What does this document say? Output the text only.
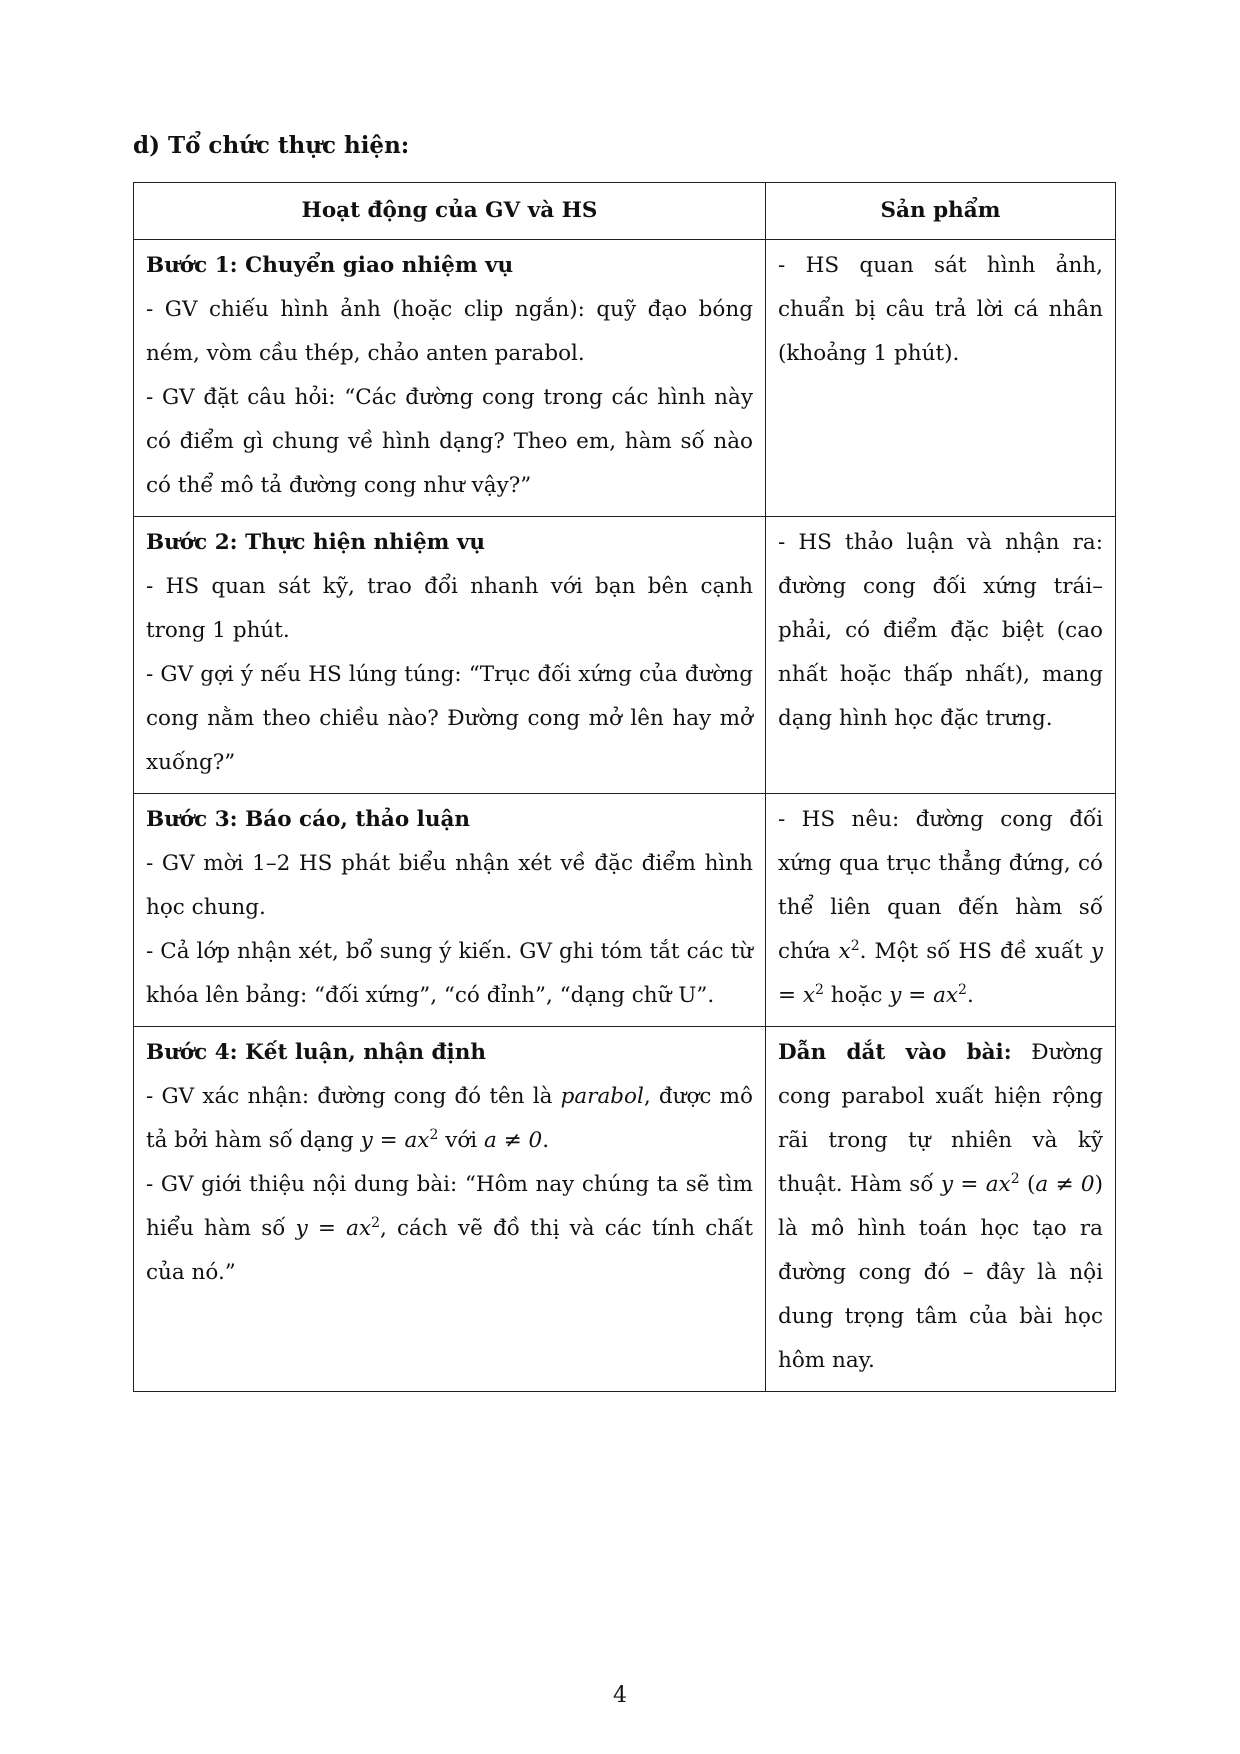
d) Tổ chức thực hiện:
Hoạt động của GV và HS	Sản phẩm

Bước 1: Chuyển giao nhiệm vụ
- GV chiếu hình ảnh (hoặc clip ngắn): quỹ đạo bóng ném, vòm cầu thép, chảo anten parabol.
- GV đặt câu hỏi: “Các đường cong trong các hình này có điểm gì chung về hình dạng? Theo em, hàm số nào có thể mô tả đường cong như vậy?”	- HS quan sát hình ảnh, chuẩn bị câu trả lời cá nhân (khoảng 1 phút).

Bước 2: Thực hiện nhiệm vụ
- HS quan sát kỹ, trao đổi nhanh với bạn bên cạnh trong 1 phút.
- GV gợi ý nếu HS lúng túng: “Trục đối xứng của đường cong nằm theo chiều nào? Đường cong mở lên hay mở xuống?”	- HS thảo luận và nhận ra: đường cong đối xứng trái–phải, có điểm đặc biệt (cao nhất hoặc thấp nhất), mang dạng hình học đặc trưng.

Bước 3: Báo cáo, thảo luận
- GV mời 1–2 HS phát biểu nhận xét về đặc điểm hình học chung.
- Cả lớp nhận xét, bổ sung ý kiến. GV ghi tóm tắt các từ khóa lên bảng: “đối xứng”, “có đỉnh”, “dạng chữ U”.	- HS nêu: đường cong đối xứng qua trục thẳng đứng, có thể liên quan đến hàm số chứa $x^2$. Một số HS đề xuất $y = x^2$ hoặc $y = ax^2$.

Bước 4: Kết luận, nhận định
- GV xác nhận: đường cong đó tên là parabol, được mô tả bởi hàm số dạng $y = ax^2$ với a ≠ 0.
- GV giới thiệu nội dung bài: “Hôm nay chúng ta sẽ tìm hiểu hàm số $y = ax^2$, cách vẽ đồ thị và các tính chất của nó.”	Dẫn dắt vào bài: Đường cong parabol xuất hiện rộng rãi trong tự nhiên và kỹ thuật. Hàm số $y = ax^2$ (a ≠ 0) là mô hình toán học tạo ra đường cong đó – đây là nội dung trọng tâm của bài học hôm nay.
4
